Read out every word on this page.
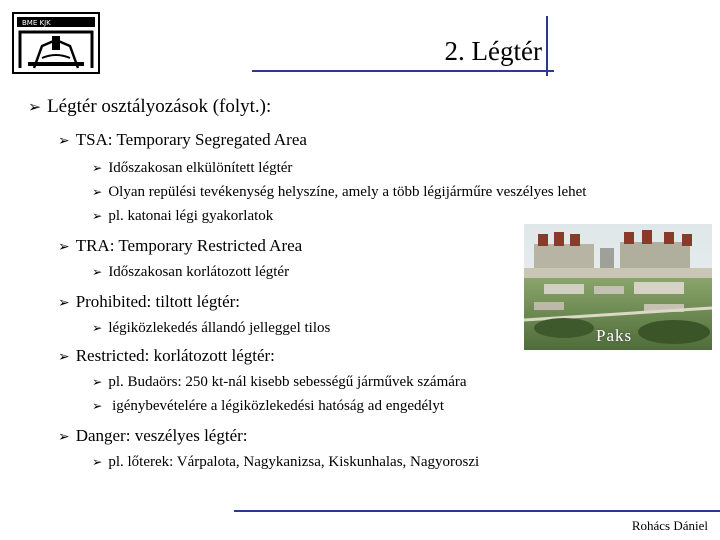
BME KJK
2. Légtér
➢ Légtér osztályozások (folyt.):
➢ TSA: Temporary Segregated Area
➢ Időszakosan elkülönített légtér
➢ Olyan repülési tevékenység helyszíne, amely a több légijárműre veszélyes lehet
➢ pl. katonai légi gyakorlatok
➢ TRA: Temporary Restricted Area
➢ Időszakosan korlátozott légtér
➢ Prohibited: tiltott légtér:
➢ légiközlekedés állandó jelleggel tilos
➢ Restricted: korlátozott légtér:
➢ pl. Budaörs: 250 kt-nál kisebb sebességű járművek számára
➢ igénybevételére a légiközlekedési hatóság ad engedélyt
➢ Danger: veszélyes légtér:
➢ pl. lőterek: Várpalota, Nagykanizsa, Kiskunhalas, Nagyoroszi
Paks
Rohács Dániel
